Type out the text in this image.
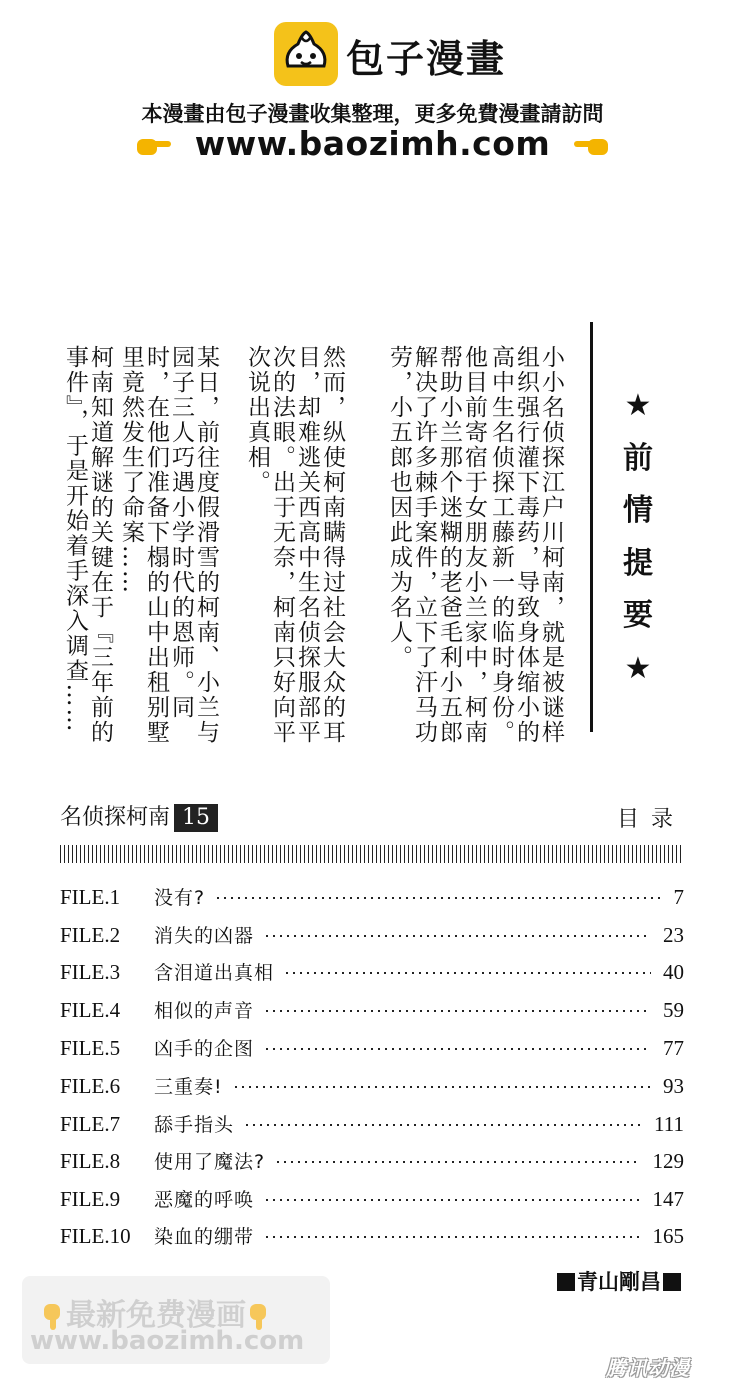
包子漫畫
本漫畫由包子漫畫收集整理，更多免費漫畫請訪問
www.baozimh.com
★
前
情
提
要
★
小小名侦探江户川柯南，就是被谜样组织强行灌下毒药，导致身体缩小的高中生名侦探工藤新一的临时身份。
他目前寄宿于女朋友小兰家中，柯南帮助小兰那个迷糊的老爸毛利小五郎解决了许多棘手案件，立下了汗马功劳，小五郎也因此成为名人。
然而，纵使柯南瞒得过社会大众的耳目，却难逃关西高中生名侦探服部平次的法眼。出于无奈，柯南只好向平次说出真相。
某日，前往度假滑雪的柯南、小兰与园子三人巧遇小学时代的恩师。同时，在他们准备下榻的山中出租别墅里竟然发生了命案……
柯南知道解谜的关键在于『三年前的事件』，于是开始着手深入调查……
名侦探柯南 15	目录
FILE.1	没有?	7
FILE.2	消失的凶器	23
FILE.3	含泪道出真相	40
FILE.4	相似的声音	59
FILE.5	凶手的企图	77
FILE.6	三重奏!	93
FILE.7	舔手指头	111
FILE.8	使用了魔法?	129
FILE.9	恶魔的呼唤	147
FILE.10	染血的绷带	165
青山剛昌
最新免费漫画
www.baozimh.com
腾讯动漫
